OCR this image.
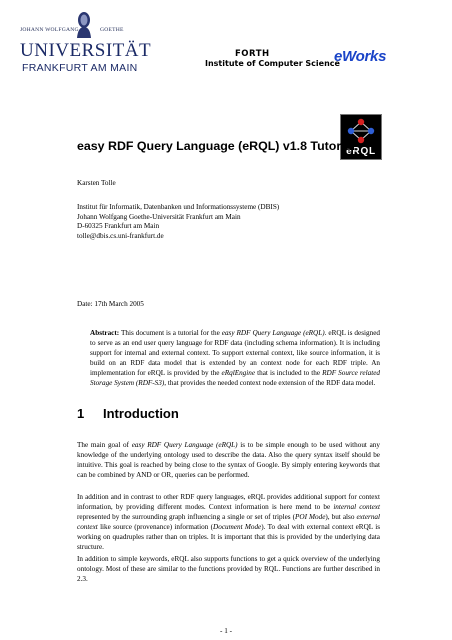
JOHANN WOLFGANG	GOETHE
UNIVERSITÄT
FRANKFURT AM MAIN
FORTH
Institute of Computer Science
eWorks
eRQL
easy RDF Query Language (eRQL) v1.8 Tutorial
Karsten Tolle
Institut für Informatik, Datenbanken und Informationssysteme (DBIS)
Johann Wolfgang Goethe-Universität Frankfurt am Main
D-60325 Frankfurt am Main
tolle@dbis.cs.uni-frankfurt.de
Date: 17th March 2005
Abstract: This document is a tutorial for the easy RDF Query Language (eRQL). eRQL is designed to serve as an end user query language for RDF data (including schema information). It is including support for internal and external context. To support external context, like source information, it is build on an RDF data model that is extended by an context node for each RDF triple. An implementation for eRQL is provided by the eRqlEngine that is included to the RDF Source related Storage System (RDF-S3), that provides the needed context node extension of the RDF data model.
1 Introduction
The main goal of easy RDF Query Language (eRQL) is to be simple enough to be used without any knowledge of the underlying ontology used to describe the data. Also the query syntax itself should be intuitive. This goal is reached by being close to the syntax of Google. By simply entering keywords that can be combined by AND or OR, queries can be performed.
In addition and in contrast to other RDF query languages, eRQL provides additional support for context information, by providing different modes. Context information is here mend to be internal context represented by the surrounding graph influencing a single or set of triples (POI Mode), but also external context like source (provenance) information (Document Mode). To deal with external context eRQL is working on quadruples rather than on triples. It is important that this is provided by the underlying data structure.
In addition to simple keywords, eRQL also supports functions to get a quick overview of the underlying ontology. Most of these are similar to the functions provided by RQL. Functions are further described in 2.3.
- 1 -
